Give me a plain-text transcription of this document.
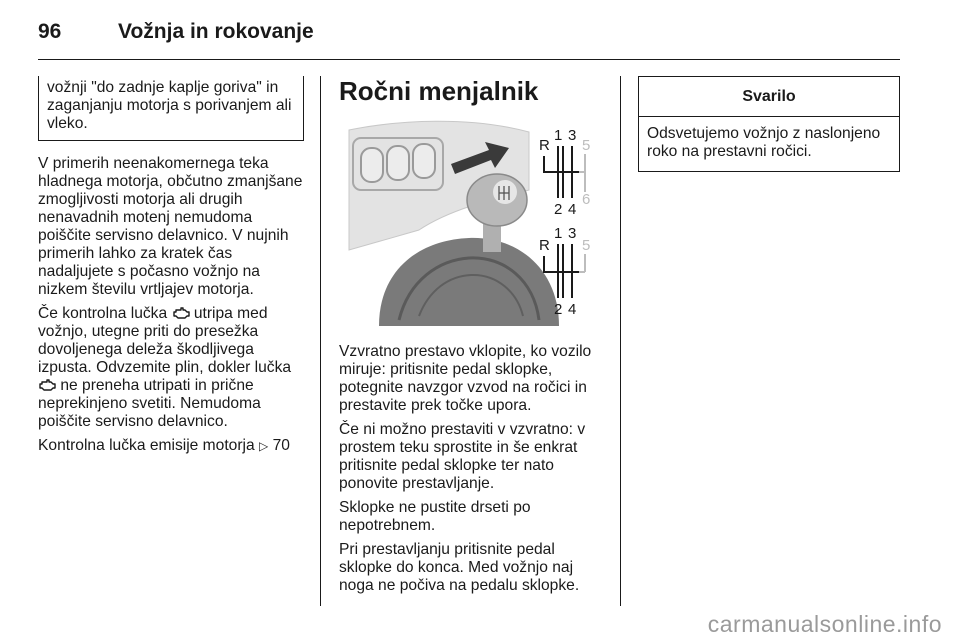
96	Vožnja in rokovanje
vožnji "do zadnje kaplje goriva" in zaganjanju motorja s porivanjem ali vleko.

V primerih neenakomernega teka hladnega motorja, občutno zmanjšane zmogljivosti motorja ali drugih nenavadnih motenj nemudoma poiščite servisno delavnico. V nujnih primerih lahko za kratek čas nadaljujete s počasno vožnjo na nizkem številu vrtljajev motorja.

Če kontrolna lučka utripa med vožnjo, utegne priti do presežka dovoljenega deleža škodljivega izpusta. Odvzemite plin, dokler lučka  ne preneha utripati in prične neprekinjeno svetiti. Nemudoma poiščite servisno delavnico.

Kontrolna lučka emisije motorja ▷ 70

Ročni menjalnik
R
1 3
5
2 4
6
R
1 3
5
2 4

Vzvratno prestavo vklopite, ko vozilo miruje: pritisnite pedal sklopke, potegnite navzgor vzvod na ročici in prestavite prek točke upora.

Če ni možno prestaviti v vzvratno: v prostem teku sprostite in še enkrat pritisnite pedal sklopke ter nato ponovite prestavljanje.

Sklopke ne pustite drseti po nepotrebnem.

Pri prestavljanju pritisnite pedal sklopke do konca. Med vožnjo naj noga ne počiva na pedalu sklopke.

Svarilo
Odsvetujemo vožnjo z naslonjeno roko na prestavni ročici.
carmanualsonline.info
